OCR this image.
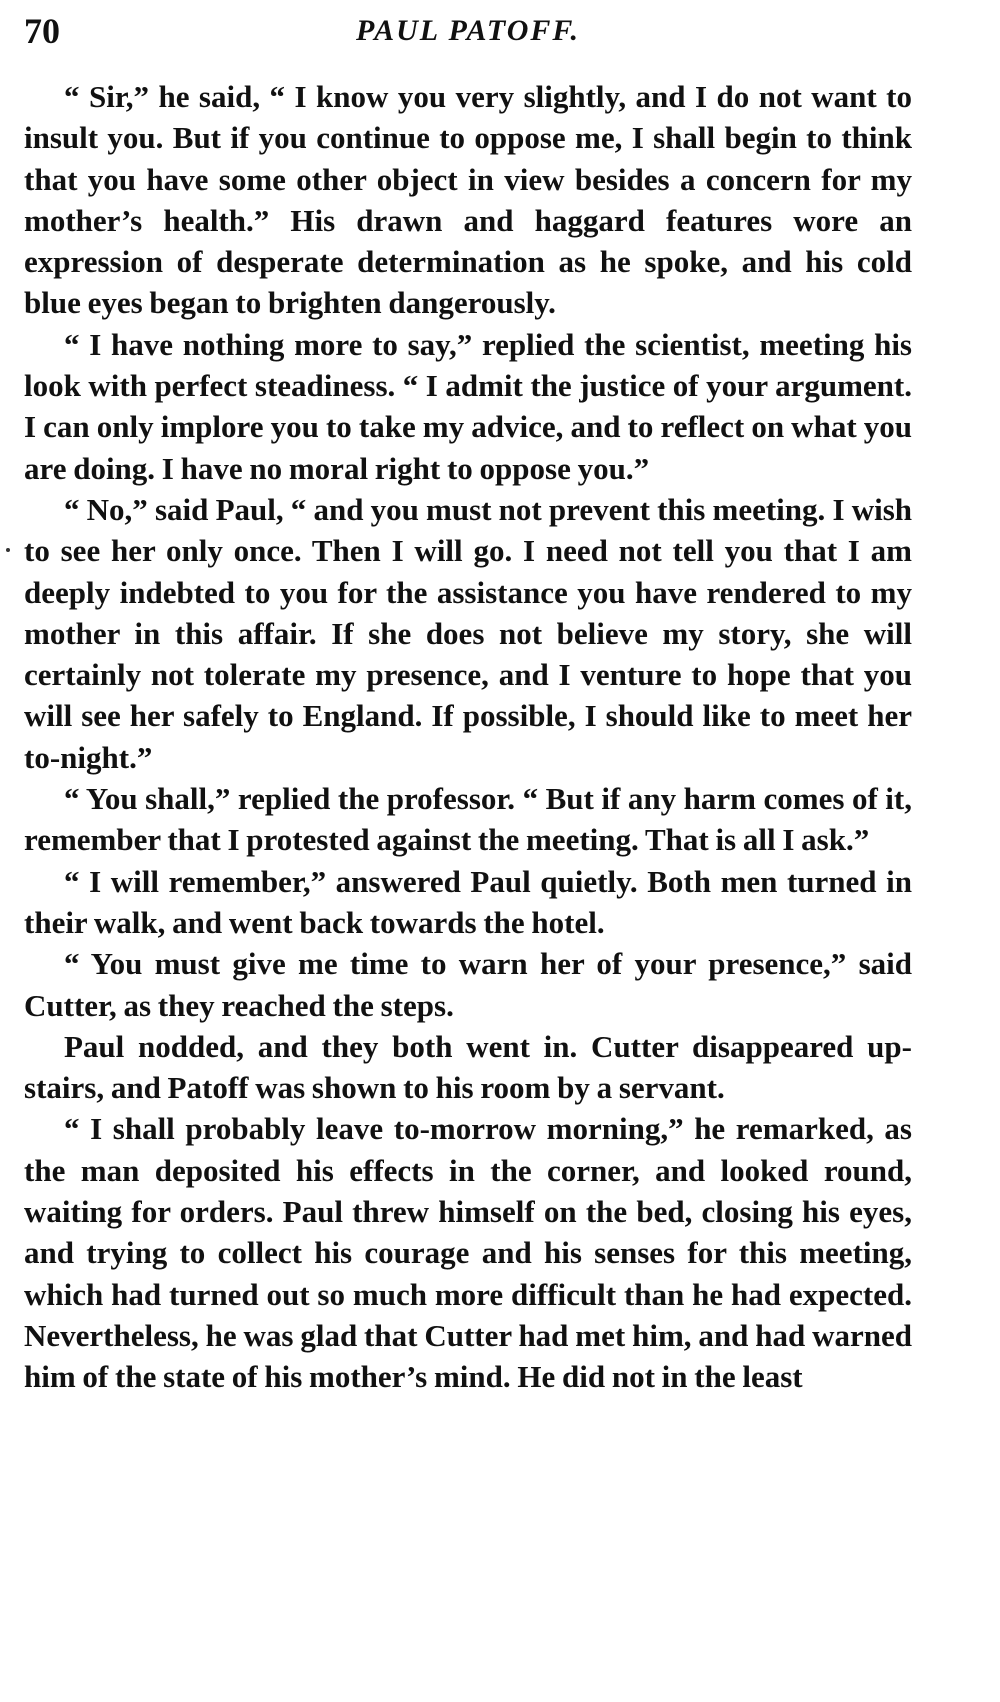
70	PAUL PATOFF.

“ Sir,” he said, “ I know you very slightly, and I do not want to insult you. But if you continue to oppose me, I shall begin to think that you have some other object in view besides a concern for my mother’s health.” His drawn and haggard features wore an expression of desperate determination as he spoke, and his cold blue eyes began to brighten dangerously.

“ I have nothing more to say,” replied the scientist, meeting his look with perfect steadiness. “ I admit the justice of your argument. I can only implore you to take my advice, and to reflect on what you are doing. I have no moral right to oppose you.”

“ No,” said Paul, “ and you must not prevent this meeting. I wish to see her only once. Then I will go. I need not tell you that I am deeply indebted to you for the assistance you have rendered to my mother in this affair. If she does not believe my story, she will certainly not tolerate my presence, and I venture to hope that you will see her safely to England. If possible, I should like to meet her to-night.”

“ You shall,” replied the professor. “ But if any harm comes of it, remember that I protested against the meeting. That is all I ask.”

“ I will remember,” answered Paul quietly. Both men turned in their walk, and went back towards the hotel.

“ You must give me time to warn her of your presence,” said Cutter, as they reached the steps.

Paul nodded, and they both went in. Cutter disappeared up-stairs, and Patoff was shown to his room by a servant.

“ I shall probably leave to-morrow morning,” he remarked, as the man deposited his effects in the corner, and looked round, waiting for orders. Paul threw himself on the bed, closing his eyes, and trying to collect his courage and his senses for this meeting, which had turned out so much more difficult than he had expected. Nevertheless, he was glad that Cutter had met him, and had warned him of the state of his mother’s mind. He did not in the least
